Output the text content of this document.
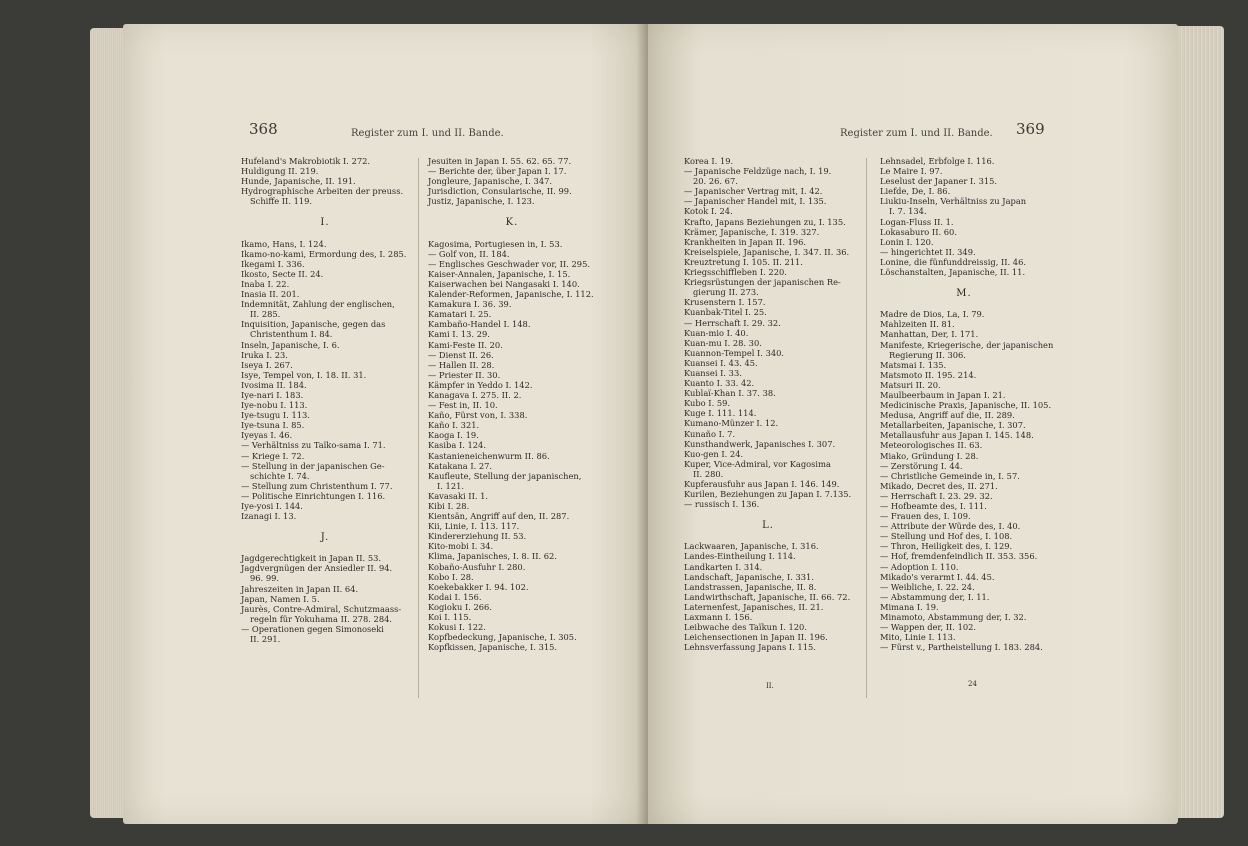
368	Register zum I. und II. Bande.
Hufeland's Makrobiotik I. 272.
Huldigung II. 219.
Hunde, Japanische, II. 191.
Hydrographische Arbeiten der preuss.
Schiffe II. 119.
I.
Ikamo, Hans, I. 124.
Ikamo-no-kami, Ermordung des, I. 285.
Ikegami I. 336.
Ikosto, Secte II. 24.
Inaba I. 22.
Inasia II. 201.
Indemnität, Zahlung der englischen,
II. 285.
Inquisition, Japanische, gegen das
Christenthum I. 84.
Inseln, Japanische, I. 6.
Iruka I. 23.
Iseya I. 267.
Isye, Tempel von, I. 18. II. 31.
Ivosima II. 184.
Iye-nari I. 183.
Iye-nobu I. 113.
Iye-tsugu I. 113.
Iye-tsuna I. 85.
Iyeyas I. 46.
— Verhältniss zu Taïko-sama I. 71.
— Kriege I. 72.
— Stellung in der japanischen Ge-
schichte I. 74.
— Stellung zum Christenthum I. 77.
— Politische Einrichtungen I. 116.
Iye-yosi I. 144.
Izanagi I. 13.
J.
Jagdgerechtigkeit in Japan II. 53.
Jagdvergnügen der Ansiedler II. 94.
96. 99.
Jahreszeiten in Japan II. 64.
Japan, Namen I. 5.
Jaurès, Contre-Admiral, Schutzmaass-
regeln für Yokuhama II. 278. 284.
— Operationen gegen Simonoseki
II. 291.
Jesuiten in Japan I. 55. 62. 65. 77.
— Berichte der, über Japan I. 17.
Jongleure, Japanische, I. 347.
Jurisdiction, Consularische, II. 99.
Justiz, Japanische, I. 123.
K.
Kagosima, Portugiesen in, I. 53.
— Golf von, II. 184.
— Englisches Geschwader vor, II. 295.
Kaiser-Annalen, Japanische, I. 15.
Kaiserwachen bei Nangasaki I. 140.
Kalender-Reformen, Japanische, I. 112.
Kamakura I. 36. 39.
Kamatari I. 25.
Kambaño-Handel I. 148.
Kami I. 13. 29.
Kami-Feste II. 20.
— Dienst II. 26.
— Hallen II. 28.
— Priester II. 30.
Kämpfer in Yeddo I. 142.
Kanagava I. 275. II. 2.
— Fest in, II. 10.
Kaño, Fürst von, I. 338.
Kaño I. 321.
Kaoga I. 19.
Kasiba I. 124.
Kastanieneichenwurm II. 86.
Katakana I. 27.
Kaufleute, Stellung der japanischen,
I. 121.
Kavasaki II. 1.
Kibi I. 28.
Kientsän, Angriff auf den, II. 287.
Kii, Linie, I. 113. 117.
Kindererziehung II. 53.
Kito-mobi I. 34.
Klima, Japanisches, I. 8. II. 62.
Kobaño-Ausfuhr I. 280.
Kobo I. 28.
Koekebakker I. 94. 102.
Kodai I. 156.
Kogioku I. 266.
Koi I. 115.
Kokusi I. 122.
Kopfbedeckung, Japanische, I. 305.
Kopfkissen, Japanische, I. 315.
Register zum I. und II. Bande. 369
Korea I. 19.
— Japanische Feldzüge nach, I. 19.
20. 26. 67.
— Japanischer Vertrag mit, I. 42.
— Japanischer Handel mit, I. 135.
Kotok I. 24.
Krafto, Japans Beziehungen zu, I. 135.
Krämer, Japanische, I. 319. 327.
Krankheiten in Japan II. 196.
Kreiselspiele, Japanische, I. 347. II. 36.
Kreuztretung I. 105. II. 211.
Kriegsschiffleben I. 220.
Kriegsrüstungen der japanischen Re-
gierung II. 273.
Krusenstern I. 157.
Kuanbak-Titel I. 25.
— Herrschaft I. 29. 32.
Kuan-mio I. 40.
Kuan-mu I. 28. 30.
Kuannon-Tempel I. 340.
Kuansei I. 43. 45.
Kuansei I. 33.
Kuanto I. 33. 42.
Kublaï-Khan I. 37. 38.
Kubo I. 59.
Kuge I. 111. 114.
Kumano-Münzer I. 12.
Kunaño I. 7.
Kunsthandwerk, Japanisches I. 307.
Kuo-gen I. 24.
Kuper, Vice-Admiral, vor Kagosima
II. 280.
Kupferausfuhr aus Japan I. 146. 149.
Kurilen, Beziehungen zu Japan I. 7.135.
— russisch I. 136.
L.
Lackwaaren, Japanische, I. 316.
Landes-Eintheilung I. 114.
Landkarten I. 314.
Landschaft, Japanische, I. 331.
Landstrassen, Japanische, II. 8.
Landwirthschaft, Japanische, II. 66. 72.
Laternenfest, Japanisches, II. 21.
Laxmann I. 156.
Leibwache des Taïkun I. 120.
Leichensectionen in Japan II. 196.
Lehnsverfassung Japans I. 115.
Lehnsadel, Erbfolge I. 116.
Le Maire I. 97.
Leselust der Japaner I. 315.
Liefde, De, I. 86.
Liukiu-Inseln, Verhältniss zu Japan
I. 7. 134.
Logan-Fluss II. 1.
Lokasaburo II. 60.
Lonin I. 120.
— hingerichtet II. 349.
Lonine, die fünfunddreissig, II. 46.
Löschanstalten, Japanische, II. 11.
M.
Madre de Dios, La, I. 79.
Mahlzeiten II. 81.
Manhattan, Der, I. 171.
Manifeste, Kriegerische, der japanischen
Regierung II. 306.
Matsmai I. 135.
Matsmoto II. 195. 214.
Matsuri II. 20.
Maulbeerbaum in Japan I. 21.
Medicinische Praxis, Japanische, II. 105.
Medusa, Angriff auf die, II. 289.
Metallarbeiten, Japanische, I. 307.
Metallausfuhr aus Japan I. 145. 148.
Meteorologisches II. 63.
Miako, Gründung I. 28.
— Zerstörung I. 44.
— Christliche Gemeinde in, I. 57.
Mikado, Decret des, II. 271.
— Herrschaft I. 23. 29. 32.
— Hofbeamte des, I. 111.
— Frauen des, I. 109.
— Attribute der Würde des, I. 40.
— Stellung und Hof des, I. 108.
— Thron, Heiligkeit des, I. 129.
— Hof, fremdenfeindlich II. 353. 356.
— Adoption I. 110.
Mikado's verarmt I. 44. 45.
— Weibliche, I. 22. 24.
— Abstammung der, I. 11.
Mimana I. 19.
Minamoto, Abstammung der, I. 32.
— Wappen der, II. 102.
Mito, Linie I. 113.
— Fürst v., Partheistellung I. 183. 284.
II.	24
